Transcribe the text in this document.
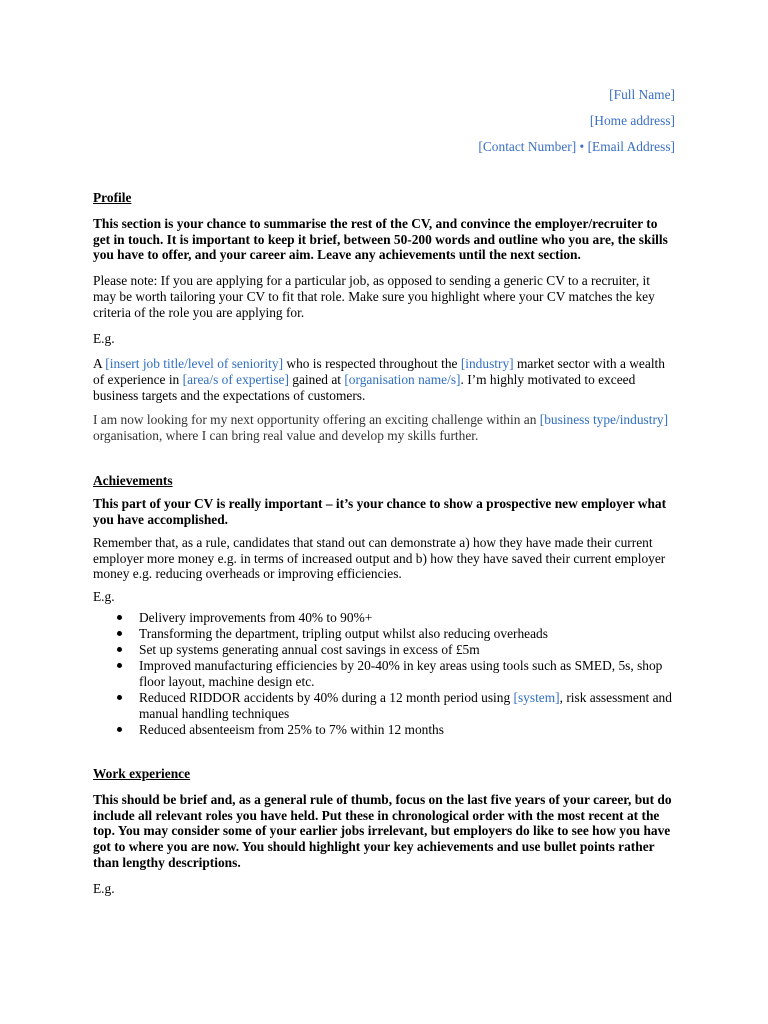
[Full Name]
[Home address]
[Contact Number] • [Email Address]

Profile

This section is your chance to summarise the rest of the CV, and convince the employer/recruiter to get in touch. It is important to keep it brief, between 50-200 words and outline who you are, the skills you have to offer, and your career aim. Leave any achievements until the next section.

Please note: If you are applying for a particular job, as opposed to sending a generic CV to a recruiter, it may be worth tailoring your CV to fit that role. Make sure you highlight where your CV matches the key criteria of the role you are applying for.

E.g.

A [insert job title/level of seniority] who is respected throughout the [industry] market sector with a wealth of experience in [area/s of expertise] gained at [organisation name/s]. I’m highly motivated to exceed business targets and the expectations of customers.

I am now looking for my next opportunity offering an exciting challenge within an [business type/industry] organisation, where I can bring real value and develop my skills further.

Achievements

This part of your CV is really important – it’s your chance to show a prospective new employer what you have accomplished.

Remember that, as a rule, candidates that stand out can demonstrate a) how they have made their current employer more money e.g. in terms of increased output and b) how they have saved their current employer money e.g. reducing overheads or improving efficiencies.

E.g.

Delivery improvements from 40% to 90%+
Transforming the department, tripling output whilst also reducing overheads
Set up systems generating annual cost savings in excess of £5m
Improved manufacturing efficiencies by 20-40% in key areas using tools such as SMED, 5s, shop floor layout, machine design etc.
Reduced RIDDOR accidents by 40% during a 12 month period using [system], risk assessment and manual handling techniques
Reduced absenteeism from 25% to 7% within 12 months

Work experience

This should be brief and, as a general rule of thumb, focus on the last five years of your career, but do include all relevant roles you have held. Put these in chronological order with the most recent at the top. You may consider some of your earlier jobs irrelevant, but employers do like to see how you have got to where you are now. You should highlight your key achievements and use bullet points rather than lengthy descriptions.

E.g.
